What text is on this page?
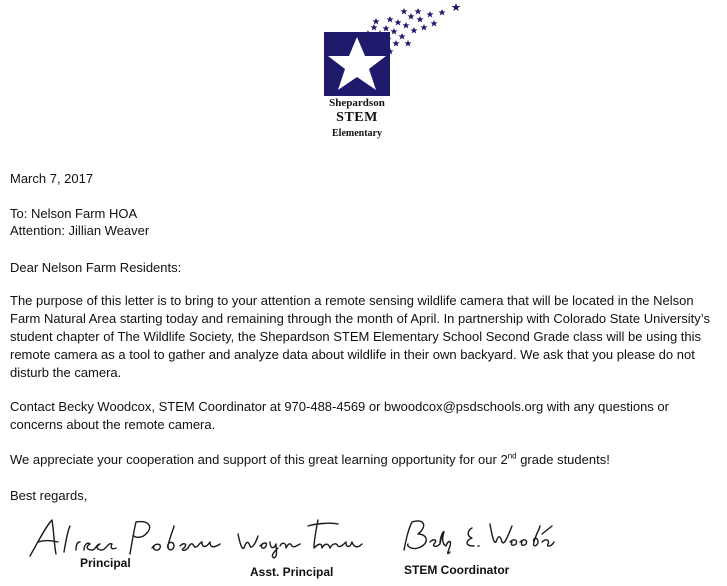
Shepardson
STEM
Elementary
March 7, 2017
To: Nelson Farm HOA
Attention: Jillian Weaver
Dear Nelson Farm Residents:
The purpose of this letter is to bring to your attention a remote sensing wildlife camera that will be located in the Nelson Farm Natural Area starting today and remaining through the month of April. In partnership with Colorado State University’s student chapter of The Wildlife Society, the Shepardson STEM Elementary School Second Grade class will be using this remote camera as a tool to gather and analyze data about wildlife in their own backyard. We ask that you please do not disturb the camera.
Contact Becky Woodcox, STEM Coordinator at 970-488-4569 or bwoodcox@psdschools.org with any questions or concerns about the remote camera.
We appreciate your cooperation and support of this great learning opportunity for our 2nd grade students!
Best regards,
Principal
Asst. Principal	STEM Coordinator
